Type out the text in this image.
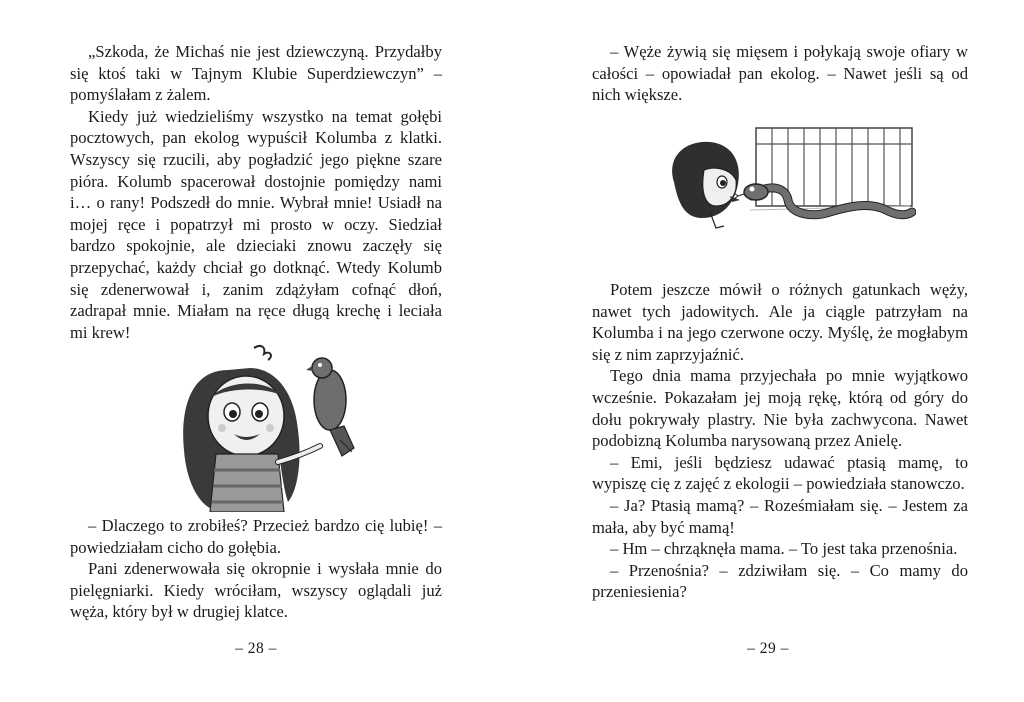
„Szkoda, że Michaś nie jest dziewczyną. Przydałby się ktoś taki w Tajnym Klubie Superdziewczyn” – pomyślałam z żalem.

Kiedy już wiedzieliśmy wszystko na temat gołębi pocztowych, pan ekolog wypuścił Kolumba z klatki. Wszyscy się rzucili, aby pogładzić jego piękne szare pióra. Kolumb spacerował dostojnie pomiędzy nami i… o rany! Podszedł do mnie. Wybrał mnie! Usiadł na mojej ręce i popatrzył mi prosto w oczy. Siedział bardzo spokojnie, ale dzieciaki znowu zaczęły się przepychać, każdy chciał go dotknąć. Wtedy Kolumb się zdenerwował i, zanim zdążyłam cofnąć dłoń, zadrapał mnie. Miałam na ręce długą krechę i leciała mi krew!

– Dlaczego to zrobiłeś? Przecież bardzo cię lubię! – powiedziałam cicho do gołębia.

Pani zdenerwowała się okropnie i wysłała mnie do pielęgniarki. Kiedy wróciłam, wszyscy oglądali już węża, który był w drugiej klatce.

– 28 –

– Węże żywią się mięsem i połykają swoje ofiary w całości – opowiadał pan ekolog. – Nawet jeśli są od nich większe.

Potem jeszcze mówił o różnych gatunkach węży, nawet tych jadowitych. Ale ja ciągle patrzyłam na Kolumba i na jego czerwone oczy. Myślę, że mogłabym się z nim zaprzyjaźnić.

Tego dnia mama przyjechała po mnie wyjątkowo wcześnie. Pokazałam jej moją rękę, którą od góry do dołu pokrywały plastry. Nie była zachwycona. Nawet podobizną Kolumba narysowaną przez Anielę.

– Emi, jeśli będziesz udawać ptasią mamę, to wypiszę cię z zajęć z ekologii – powiedziała stanowczo.

– Ja? Ptasią mamą? – Roześmiałam się. – Jestem za mała, aby być mamą!

– Hm – chrząknęła mama. – To jest taka przenośnia.

– Przenośnia? – zdziwiłam się. – Co mamy do przeniesienia?

– 29 –
